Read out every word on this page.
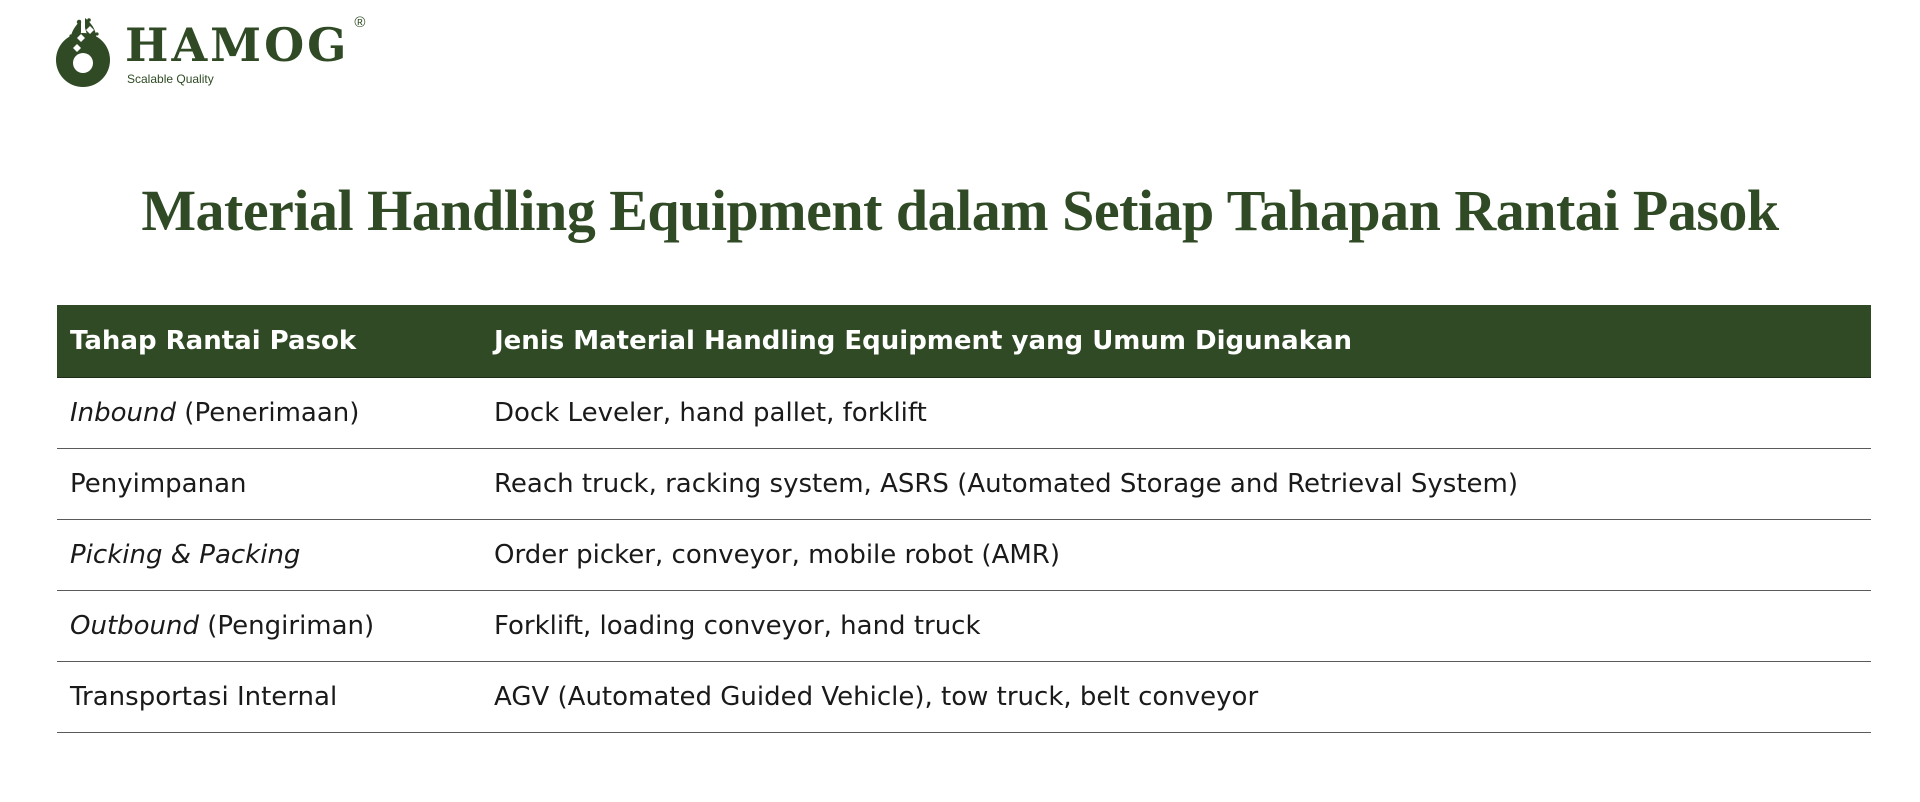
HAMOG ®
Scalable Quality
Material Handling Equipment dalam Setiap Tahapan Rantai Pasok
Tahap Rantai Pasok	Jenis Material Handling Equipment yang Umum Digunakan
Inbound (Penerimaan)	Dock Leveler, hand pallet, forklift
Penyimpanan	Reach truck, racking system, ASRS (Automated Storage and Retrieval System)
Picking & Packing	Order picker, conveyor, mobile robot (AMR)
Outbound (Pengiriman)	Forklift, loading conveyor, hand truck
Transportasi Internal	AGV (Automated Guided Vehicle), tow truck, belt conveyor
